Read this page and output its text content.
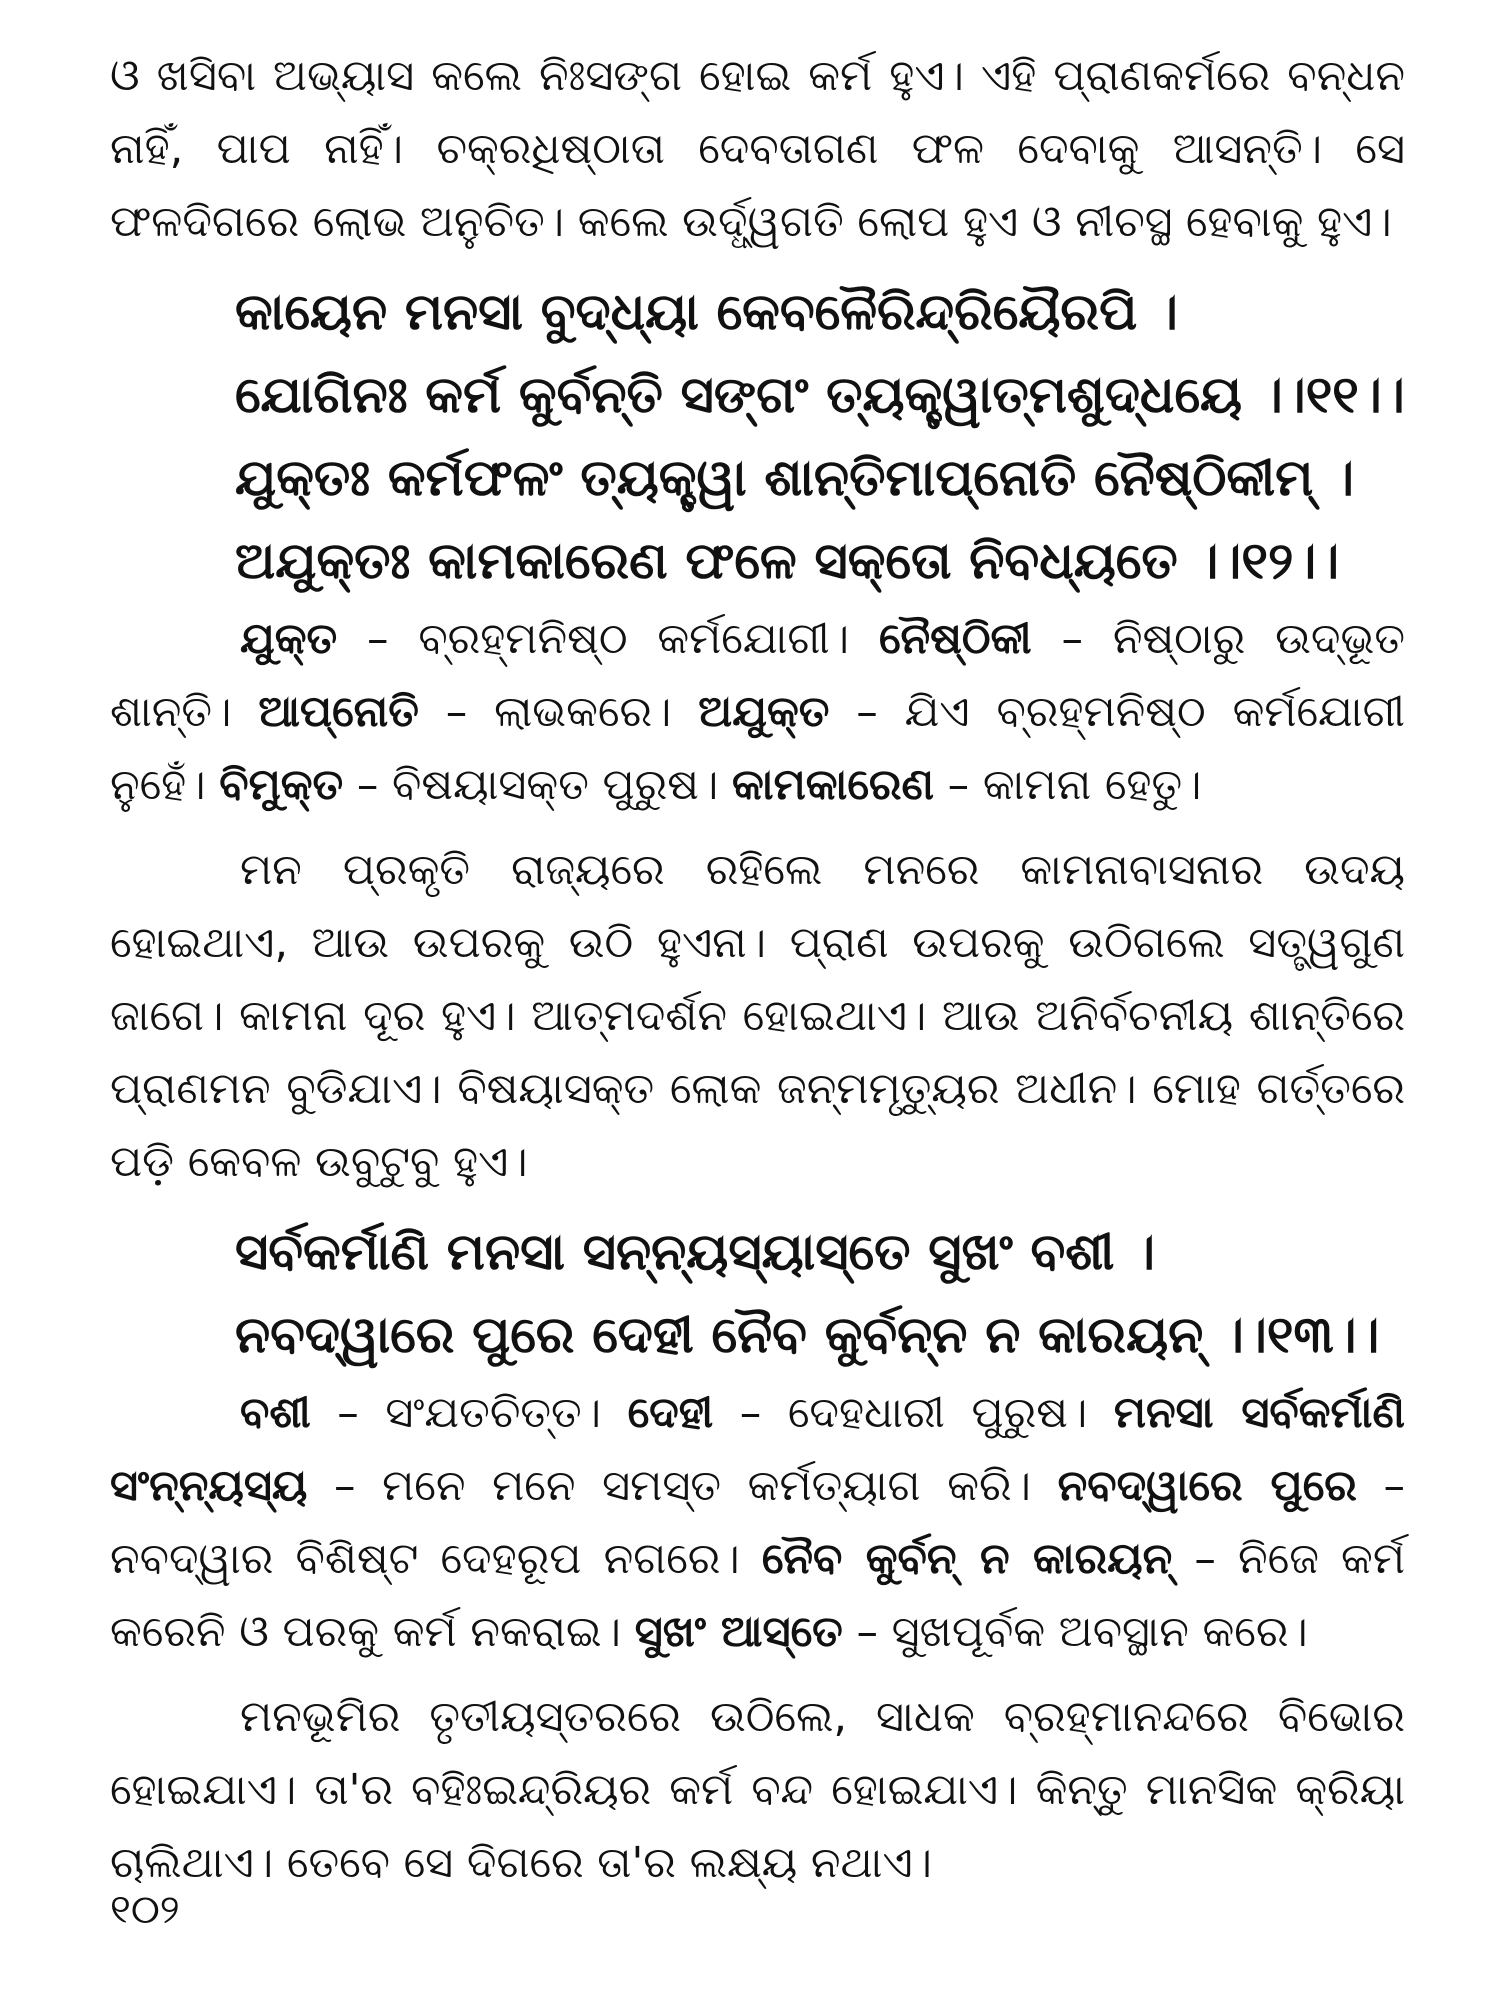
ଓ ଖସିବା ଅଭ୍ୟାସ କଲେ ନିଃସଙ୍ଗ ହୋଇ କର୍ମ ହୁଏ। ଏହି ପ୍ରାଣକର୍ମରେ ବନ୍ଧନ ନାହିଁ, ପାପ ନାହିଁ। ଚକ୍ରଧିଷ୍ଠାତା ଦେବତାଗଣ ଫଳ ଦେବାକୁ ଆସନ୍ତି। ସେ ଫଳଦିଗରେ ଲୋଭ ଅନୁଚିତ। କଲେ ଉର୍ଦ୍ଧ୍ୱଗତି ଲୋପ ହୁଏ ଓ ନୀଚସ୍ଥ ହେବାକୁ ହୁଏ।

କାୟେନ ମନସା ବୁଦ୍ଧ୍ୟା କେବଳୈରିନ୍ଦ୍ରିୟୈରପି ।

ଯୋଗିନଃ କର୍ମ କୁର୍ବନ୍ତି ସଙ୍ଗଂ ତ୍ୟକ୍ତ୍ୱାତ୍ମଶୁଦ୍ଧୟେ ।।୧୧।।

ଯୁକ୍ତଃ କର୍ମଫଳଂ ତ୍ୟକ୍ତ୍ୱା ଶାନ୍ତିମାପ୍ନୋତି ନୈଷ୍ଠିକୀମ୍ ।

ଅଯୁକ୍ତଃ କାମକାରେଣ ଫଳେ ସକ୍ତୋ ନିବଧ୍ୟତେ ।।୧୨।।

ଯୁକ୍ତ – ବ୍ରହ୍ମନିଷ୍ଠ କର୍ମଯୋଗୀ। ନୈଷ୍ଠିକୀ – ନିଷ୍ଠାରୁ ଉଦ୍ଭୂତ ଶାନ୍ତି। ଆପ୍ନୋତି – ଲାଭକରେ। ଅଯୁକ୍ତ – ଯିଏ ବ୍ରହ୍ମନିଷ୍ଠ କର୍ମଯୋଗୀ ନୁହେଁ। ବିମୁକ୍ତ – ବିଷୟାସକ୍ତ ପୁରୁଷ। କାମକାରେଣ – କାମନା ହେତୁ।

ମନ ପ୍ରକୃତି ରାଜ୍ୟରେ ରହିଲେ ମନରେ କାମନାବାସନାର ଉଦୟ ହୋଇଥାଏ, ଆଉ ଉପରକୁ ଉଠି ହୁଏନା। ପ୍ରାଣ ଉପରକୁ ଉଠିଗଲେ ସତ୍ତ୍ୱଗୁଣ ଜାଗେ। କାମନା ଦୂର ହୁଏ। ଆତ୍ମଦର୍ଶନ ହୋଇଥାଏ। ଆଉ ଅନିର୍ବଚନୀୟ ଶାନ୍ତିରେ ପ୍ରାଣମନ ବୁଡିଯାଏ। ବିଷୟାସକ୍ତ ଲୋକ ଜନ୍ମମୃତ୍ୟୁର ଅଧୀନ। ମୋହ ଗର୍ତ୍ତରେ ପଡ଼ି କେବଳ ଉବୁଟୁବୁ ହୁଏ।

ସର୍ବକର୍ମାଣି ମନସା ସନ୍ନ୍ୟସ୍ୟାସ୍ତେ ସୁଖଂ ବଶୀ ।

ନବଦ୍ୱାରେ ପୁରେ ଦେହୀ ନୈବ କୁର୍ବନ୍ନ ନ କାରୟନ୍ ।।୧୩।।

ବଶୀ – ସଂଯତଚିତ୍ତ। ଦେହୀ – ଦେହଧାରୀ ପୁରୁଷ। ମନସା ସର୍ବକର୍ମାଣି ସଂନ୍ନ୍ୟସ୍ୟ – ମନେ ମନେ ସମସ୍ତ କର୍ମତ୍ୟାଗ କରି। ନବଦ୍ୱାରେ ପୁରେ – ନବଦ୍ୱାର ବିଶିଷ୍ଟ ଦେହରୂପ ନଗରେ। ନୈବ କୁର୍ବନ୍ ନ କାରୟନ୍ – ନିଜେ କର୍ମ କରେନି ଓ ପରକୁ କର୍ମ ନକରାଇ। ସୁଖଂ ଆସ୍ତେ – ସୁଖପୂର୍ବକ ଅବସ୍ଥାନ କରେ।

ମନଭୂମିର ତୃତୀୟସ୍ତରରେ ଉଠିଲେ, ସାଧକ ବ୍ରହ୍ମାନନ୍ଦରେ ବିଭୋର ହୋଇଯାଏ। ତା'ର ବହିଃଇନ୍ଦ୍ରିୟର କର୍ମ ବନ୍ଦ ହୋଇଯାଏ। କିନ୍ତୁ ମାନସିକ କ୍ରିୟା ଚାଲିଥାଏ। ତେବେ ସେ ଦିଗରେ ତା'ର ଲକ୍ଷ୍ୟ ନଥାଏ।

୧୦୨
